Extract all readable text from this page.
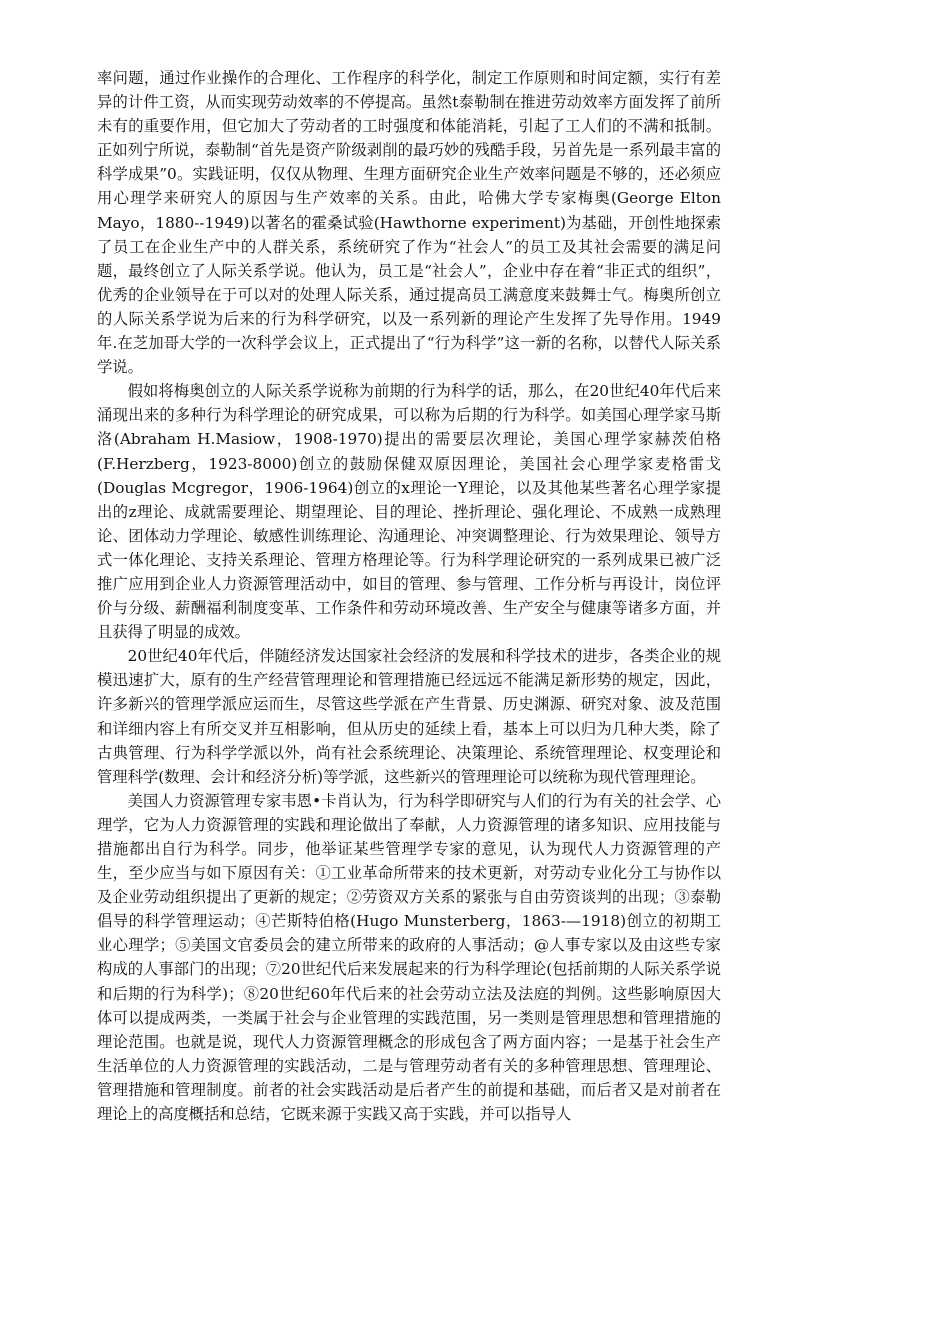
率问题，通过作业操作的合理化、工作程序的科学化，制定工作原则和时间定额，实行有差异的计件工资，从而实现劳动效率的不停提高。虽然t泰勒制在推进劳动效率方面发挥了前所未有的重要作用，但它加大了劳动者的工时强度和体能消耗，引起了工人们的不满和抵制。正如列宁所说，泰勒制“首先是资产阶级剥削的最巧妙的残酷手段，另首先是一系列最丰富的科学成果”0。实践证明，仅仅从物理、生理方面研究企业生产效率问题是不够的，还必须应用心理学来研究人的原因与生产效率的关系。由此，哈佛大学专家梅奥(George Elton Mayo，1880--1949)以著名的霍桑试验(Hawthorne experiment)为基础，开创性地探索了员工在企业生产中的人群关系，系统研究了作为“社会人”的员工及其社会需要的满足问题，最终创立了人际关系学说。他认为，员工是“社会人”，企业中存在着“非正式的组织”，优秀的企业领导在于可以对的处理人际关系，通过提高员工满意度来鼓舞士气。梅奥所创立的人际关系学说为后来的行为科学研究，以及一系列新的理论产生发挥了先导作用。1949年.在芝加哥大学的一次科学会议上，正式提出了“行为科学”这一新的名称，以替代人际关系学说。

假如将梅奥创立的人际关系学说称为前期的行为科学的话，那么，在20世纪40年代后来涌现出来的多种行为科学理论的研究成果，可以称为后期的行为科学。如美国心理学家马斯洛(Abraham H.Masiow，1908-1970)提出的需要层次理论，美国心理学家赫茨伯格(F.Herzberg，1923-8000)创立的鼓励保健双原因理论，美国社会心理学家麦格雷戈(Douglas Mcgregor，1906-1964)创立的x理论一Y理论，以及其他某些著名心理学家提出的z理论、成就需要理论、期望理论、目的理论、挫折理论、强化理论、不成熟一成熟理论、团体动力学理论、敏感性训练理论、沟通理论、冲突调整理论、行为效果理论、领导方式一体化理论、支持关系理论、管理方格理论等。行为科学理论研究的一系列成果已被广泛推广应用到企业人力资源管理活动中，如目的管理、参与管理、工作分析与再设计，岗位评价与分级、薪酬福利制度变革、工作条件和劳动环境改善、生产安全与健康等诸多方面，并且获得了明显的成效。

20世纪40年代后，伴随经济发达国家社会经济的发展和科学技术的进步，各类企业的规模迅速扩大，原有的生产经营管理理论和管理措施已经远远不能满足新形势的规定，因此，许多新兴的管理学派应运而生，尽管这些学派在产生背景、历史渊源、研究对象、波及范围和详细内容上有所交叉并互相影响，但从历史的延续上看，基本上可以归为几种大类，除了古典管理、行为科学学派以外，尚有社会系统理论、决策理论、系统管理理论、权变理论和管理科学(数理、会计和经济分析)等学派，这些新兴的管理理论可以统称为现代管理理论。

美国人力资源管理专家韦恩•卡肖认为，行为科学即研究与人们的行为有关的社会学、心理学，它为人力资源管理的实践和理论做出了奉献，人力资源管理的诸多知识、应用技能与措施都出自行为科学。同步，他举证某些管理学专家的意见，认为现代人力资源管理的产生，至少应当与如下原因有关：①工业革命所带来的技术更新，对劳动专业化分工与协作以及企业劳动组织提出了更新的规定；②劳资双方关系的紧张与自由劳资谈判的出现；③泰勒倡导的科学管理运动；④芒斯特伯格(Hugo Munsterberg，1863-—1918)创立的初期工业心理学；⑤美国文官委员会的建立所带来的政府的人事活动；@人事专家以及由这些专家构成的人事部门的出现；⑦20世纪代后来发展起来的行为科学理论(包括前期的人际关系学说和后期的行为科学)；⑧20世纪60年代后来的社会劳动立法及法庭的判例。这些影响原因大体可以提成两类，一类属于社会与企业管理的实践范围，另一类则是管理思想和管理措施的理论范围。也就是说，现代人力资源管理概念的形成包含了两方面内容；一是基于社会生产生活单位的人力资源管理的实践活动，二是与管理劳动者有关的多种管理思想、管理理论、管理措施和管理制度。前者的社会实践活动是后者产生的前提和基础，而后者又是对前者在理论上的高度概括和总结，它既来源于实践又高于实践，并可以指导人
